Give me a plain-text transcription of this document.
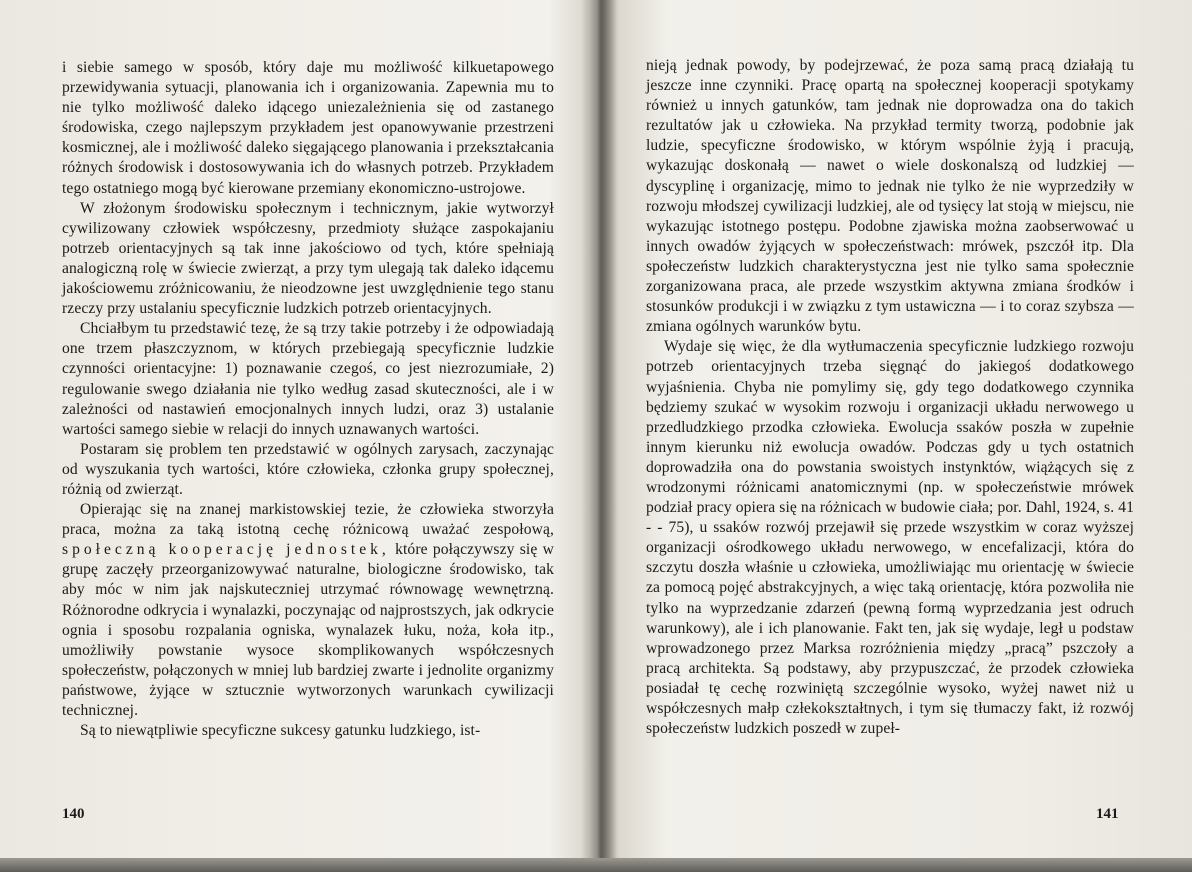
i siebie samego w sposób, który daje mu możliwość kilkuetapowego przewidywania sytuacji, planowania ich i organizowania. Zapewnia mu to nie tylko możliwość daleko idącego uniezależnienia się od zastanego środowiska, czego najlepszym przykładem jest opanowywanie przestrzeni kosmicznej, ale i możliwość daleko sięgającego planowania i przekształcania różnych środowisk i dostosowywania ich do własnych potrzeb. Przykładem tego ostatniego mogą być kierowane przemiany ekonomiczno-ustrojowe.

W złożonym środowisku społecznym i technicznym, jakie wytworzył cywilizowany człowiek współczesny, przedmioty służące zaspokajaniu potrzeb orientacyjnych są tak inne jakościowo od tych, które spełniają analogiczną rolę w świecie zwierząt, a przy tym ulegają tak daleko idącemu jakościowemu zróżnicowaniu, że nieodzowne jest uwzględnienie tego stanu rzeczy przy ustalaniu specyficznie ludzkich potrzeb orientacyjnych.

Chciałbym tu przedstawić tezę, że są trzy takie potrzeby i że odpowiadają one trzem płaszczyznom, w których przebiegają specyficznie ludzkie czynności orientacyjne: 1) poznawanie czegoś, co jest niezrozumiałe, 2) regulowanie swego działania nie tylko według zasad skuteczności, ale i w zależności od nastawień emocjonalnych innych ludzi, oraz 3) ustalanie wartości samego siebie w relacji do innych uznawanych wartości.

Postaram się problem ten przedstawić w ogólnych zarysach, zaczynając od wyszukania tych wartości, które człowieka, członka grupy społecznej, różnią od zwierząt.

Opierając się na znanej markistowskiej tezie, że człowieka stworzyła praca, można za taką istotną cechę różnicową uważać zespołową, społeczną kooperację jednostek, które połączywszy się w grupę zaczęły przeorganizowywać naturalne, biologiczne środowisko, tak aby móc w nim jak najskuteczniej utrzymać równowagę wewnętrzną. Różnorodne odkrycia i wynalazki, poczynając od najprostszych, jak odkrycie ognia i sposobu rozpalania ogniska, wynalazek łuku, noża, koła itp., umożliwiły powstanie wysoce skomplikowanych współczesnych społeczeństw, połączonych w mniej lub bardziej zwarte i jednolite organizmy państwowe, żyjące w sztucznie wytworzonych warunkach cywilizacji technicznej.

Są to niewątpliwie specyficzne sukcesy gatunku ludzkiego, ist-

140

nieją jednak powody, by podejrzewać, że poza samą pracą działają tu jeszcze inne czynniki. Pracę opartą na społecznej kooperacji spotykamy również u innych gatunków, tam jednak nie doprowadza ona do takich rezultatów jak u człowieka. Na przykład termity tworzą, podobnie jak ludzie, specyficzne środowisko, w którym wspólnie żyją i pracują, wykazując doskonałą — nawet o wiele doskonalszą od ludzkiej — dyscyplinę i organizację, mimo to jednak nie tylko że nie wyprzedziły w rozwoju młodszej cywilizacji ludzkiej, ale od tysięcy lat stoją w miejscu, nie wykazując istotnego postępu. Podobne zjawiska można zaobserwować u innych owadów żyjących w społeczeństwach: mrówek, pszczół itp. Dla społeczeństw ludzkich charakterystyczna jest nie tylko sama społecznie zorganizowana praca, ale przede wszystkim aktywna zmiana środków i stosunków produkcji i w związku z tym ustawiczna — i to coraz szybsza — zmiana ogólnych warunków bytu.

Wydaje się więc, że dla wytłumaczenia specyficznie ludzkiego rozwoju potrzeb orientacyjnych trzeba sięgnąć do jakiegoś dodatkowego wyjaśnienia. Chyba nie pomylimy się, gdy tego dodatkowego czynnika będziemy szukać w wysokim rozwoju i organizacji układu nerwowego u przedludzkiego przodka człowieka. Ewolucja ssaków poszła w zupełnie innym kierunku niż ewolucja owadów. Podczas gdy u tych ostatnich doprowadziła ona do powstania swoistych instynktów, wiążących się z wrodzonymi różnicami anatomicznymi (np. w społeczeństwie mrówek podział pracy opiera się na różnicach w budowie ciała; por. Dahl, 1924, s. 41 - - 75), u ssaków rozwój przejawił się przede wszystkim w coraz wyższej organizacji ośrodkowego układu nerwowego, w encefalizacji, która do szczytu doszła właśnie u człowieka, umożliwiając mu orientację w świecie za pomocą pojęć abstrakcyjnych, a więc taką orientację, która pozwoliła nie tylko na wyprzedzanie zdarzeń (pewną formą wyprzedzania jest odruch warunkowy), ale i ich planowanie. Fakt ten, jak się wydaje, legł u podstaw wprowadzonego przez Marksa rozróżnienia między „pracą” pszczoły a pracą architekta. Są podstawy, aby przypuszczać, że przodek człowieka posiadał tę cechę rozwiniętą szczególnie wysoko, wyżej nawet niż u współczesnych małp człekokształtnych, i tym się tłumaczy fakt, iż rozwój społeczeństw ludzkich poszedł w zupeł-

141
